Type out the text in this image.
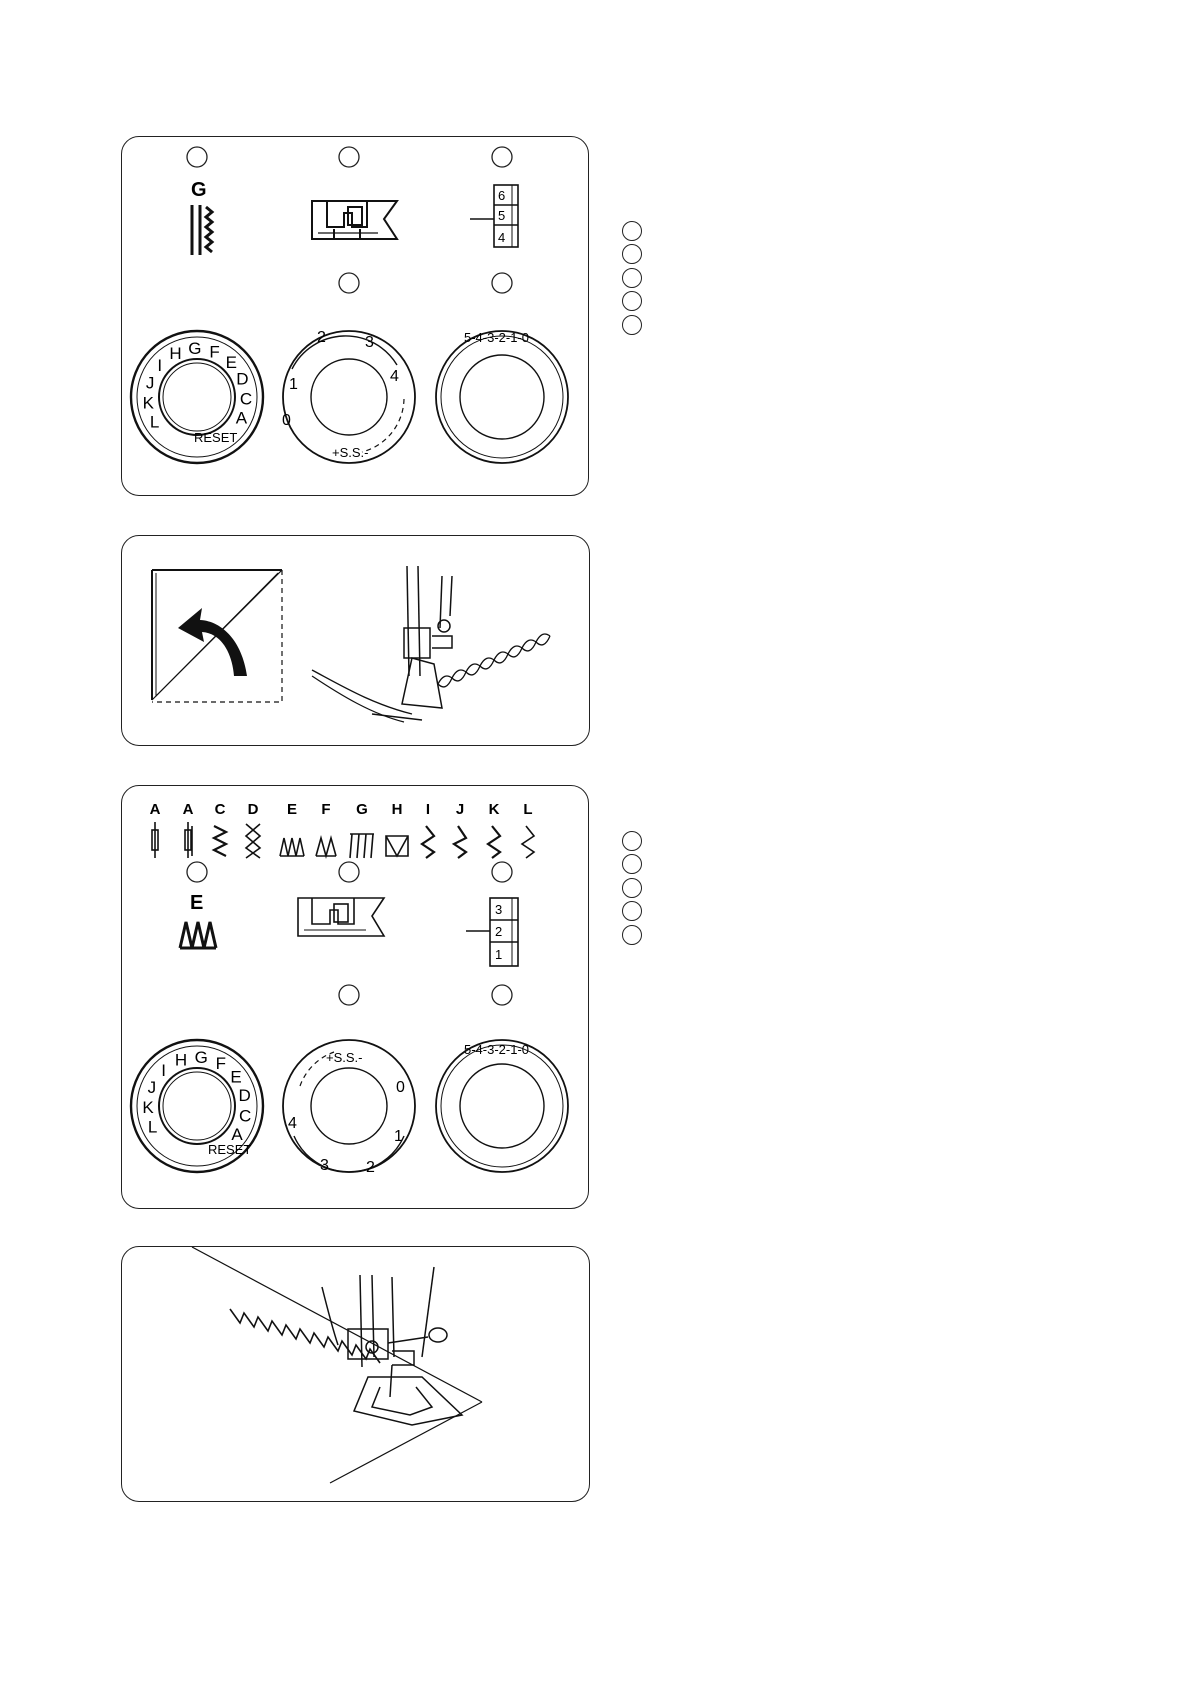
G	6
5
4
A
C
D
E
F
G
H
I
J
K
L
RESET
1
2 3
4
0
+S.S.-
5-4-3-2-1-0
A A C D E F G H I J K L
E	3
2
1
A
C
D
E
F
G
H
I
J
K
L
RESET
0
1
2
3
4
+S.S.-
5-4-3-2-1-0
